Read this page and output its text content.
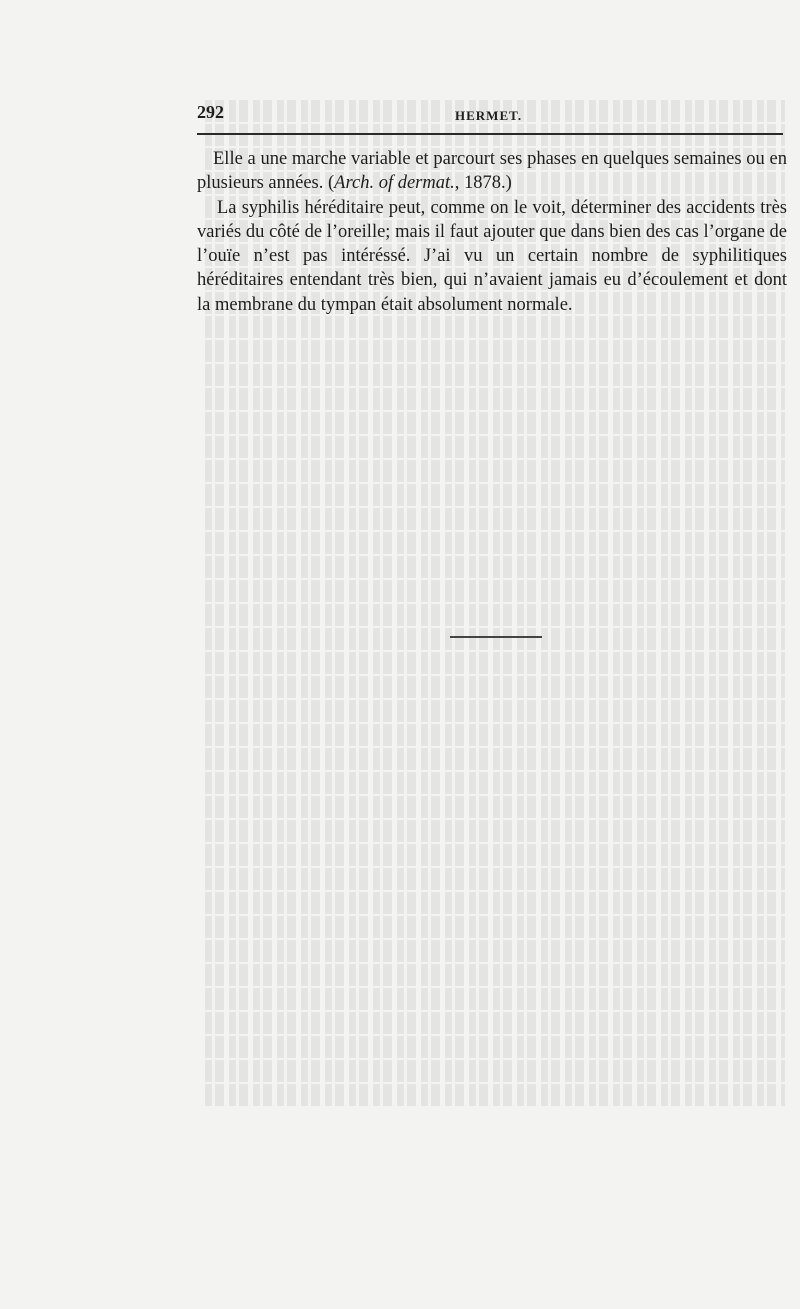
292	HERMET.

Elle a une marche variable et parcourt ses phases en quelques semaines ou en plusieurs années. (Arch. of dermat., 1878.)

La syphilis héréditaire peut, comme on le voit, déterminer des accidents très variés du côté de l’oreille; mais il faut ajouter que dans bien des cas l’organe de l’ouïe n’est pas intéréssé. J’ai vu un certain nombre de syphilitiques héréditaires entendant très bien, qui n’avaient jamais eu d’écoulement et dont la membrane du tympan était absolument normale.
